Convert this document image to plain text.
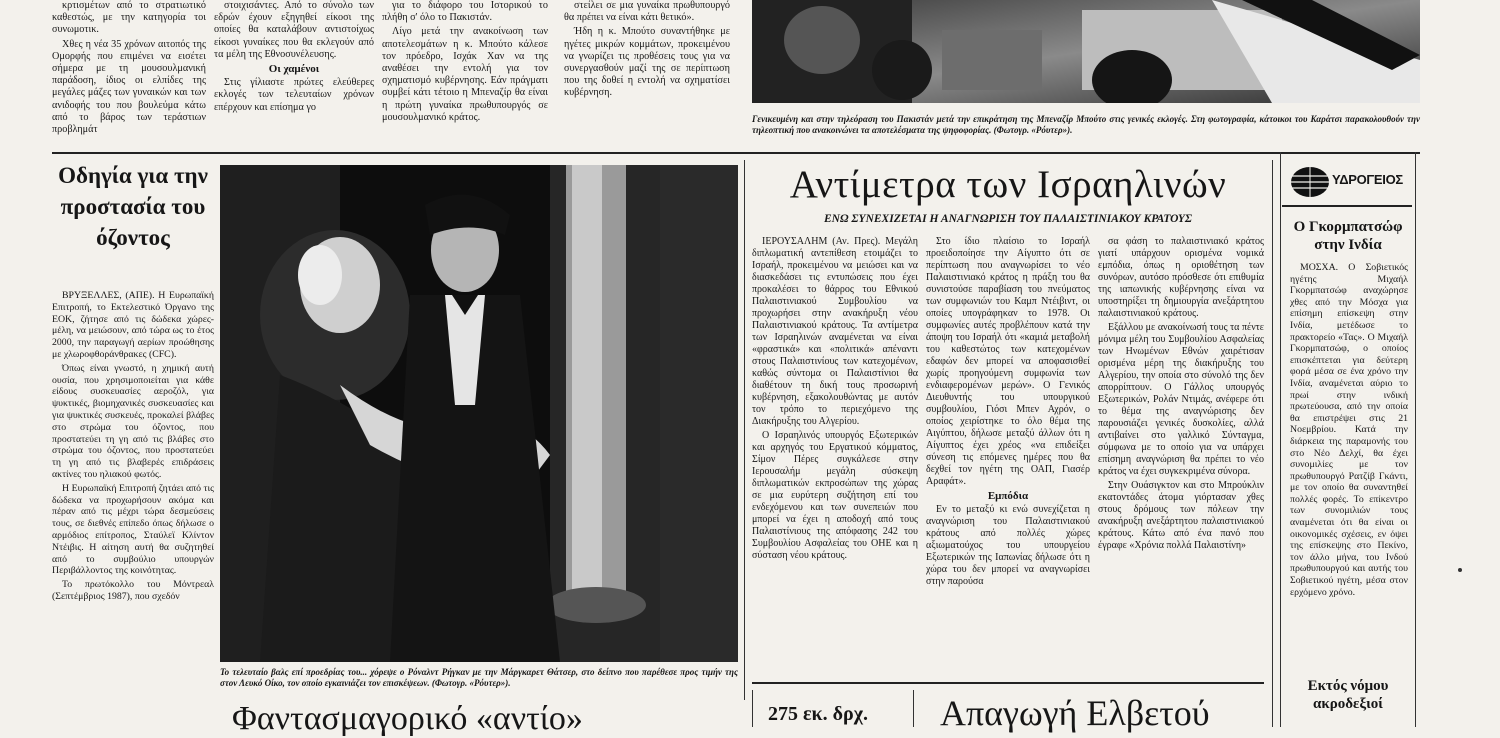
κρτισμέτων από το στρατιωτικό καθεστώς, με την κατηγορία τοι συνωμοτικ.

Χθες η νέα 35 χρόνων αιτοπός της Ομορφής που επιμένει να εισέτει σήμερα με τη μουσουλμανική παράδοση, ίδιος οι ελπίδες της μεγάλες μάζες των γυναικών και των ανιδοφής του που βουλεύμα κάτω από το βάρος των τεράστιων προβλημάτ

στοιχισάντες. Από το σύνολο των εδρών έχουν εξηγηθεί είκοσι της οποίες θα καταλάβουν αντιστοίχως είκοσι γυναίκες που θα εκλεγούν από τα μέλη της Εθνοσυνέλευσης.

Οι χαμένοι

Στις γίλιαστε πρώτες ελεύθερες εκλογές των τελευταίων χρόνων επέρχουν και επίσημα γο

για το διάφορο του Ιστορικού το πλήθη σ' όλο το Πακιστάν.

Λίγο μετά την ανακοίνωση των αποτελεσμάτων η κ. Μπούτο κάλεσε τον πρόεδρο, Ισχάκ Χαν να της αναθέσει την εντολή για τον σχηματισμό κυβέρνησης. Εάν πράγματι συμβεί κάτι τέτοιο η Μπεναζίρ θα είναι η πρώτη γυναίκα πρωθυπουργός σε μουσουλμανικό κράτος.

στείλει σε μια γυναίκα πρωθυπουργό θα πρέπει να είναι κάτι θετικό».

Ήδη η κ. Μπούτο συναντήθηκε με ηγέτες μικρών κομμάτων, προκειμένου να γνωρίζει τις προθέσεις τους για να συνεργασθούν μαζί της σε περίπτωση που της δοθεί η εντολή να σχηματίσει κυβέρνηση.

Γενικευμένη και στην τηλεόραση του Πακιστάν μετά την επικράτηση της Μπεναζίρ Μπούτο στις γενικές εκλογές. Στη φωτογραφία, κάτοικοι του Καράτσι παρακολουθούν την τηλεοπτική που ανακοινώνει τα αποτελέσματα της ψηφοφορίας. (Φωτογρ. «Ρόυτερ»).
Οδηγία για την προστασία του όζοντος

ΒΡΥΞΕΛΛΕΣ, (ΑΠΕ). Η Ευρωπαϊκή Επιτροπή, το Εκτελεστικό Όργανο της ΕΟΚ, ζήτησε από τις δώδεκα χώρες-μέλη, να μειώσουν, από τώρα ως το έτος 2000, την παραγωγή αερίων προώθησης με χλωροφθοράνθρακες (CFC).

Όπως είναι γνωστό, η χημική αυτή ουσία, που χρησιμοποιείται για κάθε είδους συσκευασίες αεροζόλ, για ψυκτικές, βιομηχανικές συσκευασίες και για ψυκτικές συσκευές, προκαλεί βλάβες στο στρώμα του όζοντος, που προστατεύει τη γη από τις βλάβες στο στρώμα του όζοντος, που προστατεύει τη γη από τις βλαβερές επιδράσεις ακτίνες του ηλιακού φωτός.

Η Ευρωπαϊκή Επιτροπή ζητάει από τις δώδεκα να προχωρήσουν ακόμα και πέραν από τις μέχρι τώρα δεσμεύσεις τους, σε διεθνές επίπεδο όπως δήλωσε ο αρμόδιος επίτροπος, Σταύλεϊ Κλίντον Ντέιβις. Η αίτηση αυτή θα συζητηθεί από το συμβούλιο υπουργών Περιβάλλοντος της κοινότητας.

Το πρωτόκολλο του Μόντρεαλ (Σεπτέμβριος 1987), που σχεδόν

Το τελευταίο βαλς επί προεδρίας του... χόρεψε ο Ρόναλντ Ρήγκαν με την Μάργκαρετ Θάτσερ, στο δείπνο που παρέθεσε προς τιμήν της στον Λευκό Οίκο, τον οποίο εγκαινιάζει τον επισκέψεων. (Φωτογρ. «Ρόυτερ»).
Αντίμετρα των Ισραηλινών
ΕΝΩ ΣΥΝΕΧΙΖΕΤΑΙ Η ΑΝΑΓΝΩΡΙΣΗ ΤΟΥ ΠΑΛΑΙΣΤΙΝΙΑΚΟΥ ΚΡΑΤΟΥΣ

ΙΕΡΟΥΣΑΛΗΜ (Αν. Πρες). Μεγάλη διπλωματική αντεπίθεση ετοιμάζει το Ισραήλ, προκειμένου να μειώσει και να διασκεδάσει τις εντυπώσεις που έχει προκαλέσει το θάρρος του Εθνικού Παλαιστινιακού Συμβουλίου να προχωρήσει στην ανακήρυξη νέου Παλαιστινιακού κράτους. Τα αντίμετρα των Ισραηλινών αναμένεται να είναι «φραστικά» και «πολιτικά» απέναντι στους Παλαιστινίους των κατεχομένων, καθώς σύντομα οι Παλαιστίνιοι θα διαθέτουν τη δική τους προσωρινή κυβέρνηση, εξακολουθώντας με αυτόν τον τρόπο το περιεχόμενο της Διακήρυξης του Αλγερίου.

Ο Ισραηλινός υπουργός Εξωτερικών και αρχηγός του Εργατικού κόμματος, Σίμον Πέρες συγκάλεσε στην Ιερουσαλήμ μεγάλη σύσκεψη διπλωματικών εκπροσώπων της χώρας σε μια ευρύτερη συζήτηση επί του ενδεχόμενου και των συνεπειών που μπορεί να έχει η αποδοχή από τους Παλαιστίνιους της απόφασης 242 του Συμβουλίου Ασφαλείας του ΟΗΕ και η σύσταση νέου κράτους.

Στο ίδιο πλαίσιο το Ισραήλ προειδοποίησε την Αίγυπτο ότι σε περίπτωση που αναγνωρίσει το νέο Παλαιστινιακό κράτος η πράξη του θα συνιστούσε παραβίαση του πνεύματος των συμφωνιών του Καμπ Ντέιβιντ, οι οποίες υπογράφηκαν το 1978. Οι συμφωνίες αυτές προβλέπουν κατά την άποψη του Ισραήλ ότι «καμιά μεταβολή του καθεστώτος των κατεχομένων εδαφών δεν μπορεί να αποφασισθεί χωρίς προηγούμενη συμφωνία των ενδιαφερομένων μερών». Ο Γενικός Διευθυντής του υπουργικού συμβουλίου, Γιόσι Μπεν Αχρόν, ο οποίος χειρίστηκε το όλο θέμα της Αιγύπτου, δήλωσε μεταξύ άλλων ότι η Αίγυπτος έχει χρέος «να επιδείξει σύνεση τις επόμενες ημέρες που θα δεχθεί τον ηγέτη της ΟΑΠ, Γιασέρ Αραφάτ».

Εμπόδια

Εν το μεταξύ κι ενώ συνεχίζεται η αναγνώριση του Παλαιστινιακού κράτους από πολλές χώρες αξιωματούχος του υπουργείου Εξωτερικών της Ιαπωνίας δήλωσε ότι η χώρα του δεν μπορεί να αναγνωρίσει στην παρούσα

σα φάση το παλαιστινιακό κράτος γιατί υπάρχουν ορισμένα νομικά εμπόδια, όπως η οριοθέτηση των συνόρων, αυτόσο πρόσθεσε ότι επιθυμία της ιαπωνικής κυβέρνησης είναι να υποστηρίξει τη δημιουργία ανεξάρτητου παλαιστινιακού κράτους.

Εξάλλου με ανακοίνωσή τους τα πέντε μόνιμα μέλη του Συμβουλίου Ασφαλείας των Ηνωμένων Εθνών χαιρέτισαν ορισμένα μέρη της διακήρυξης του Αλγερίου, την οποία στο σύνολό της δεν απορρίπτουν. Ο Γάλλος υπουργός Εξωτερικών, Ρολάν Ντιμάς, ανέφερε ότι το θέμα της αναγνώρισης δεν παρουσιάζει γενικές δυσκολίες, αλλά αντιβαίνει στο γαλλικό Σύνταγμα, σύμφωνα με το οποίο για να υπάρχει επίσημη αναγνώριση θα πρέπει το νέο κράτος να έχει συγκεκριμένα σύνορα.

Στην Ουάσιγκτον και στο Μπρούκλιν εκατοντάδες άτομα γιόρτασαν χθες στους δρόμους των πόλεων την ανακήρυξη ανεξάρτητου παλαιστινιακού κράτους. Κάτω από ένα πανό που έγραφε «Χρόνια πολλά Παλαιστίνη»

ΥΔΡΟΓΕΙΟΣ
Ο Γκορμπατσώφ στην Ινδία

ΜΟΣΧΑ. Ο Σοβιετικός ηγέτης Μιχαήλ Γκορμπατσώφ αναχώρησε χθες από την Μόσχα για επίσημη επίσκεψη στην Ινδία, μετέδωσε το πρακτορείο «Τας». Ο Μιχαήλ Γκορμπατσώφ, ο οποίος επισκέπτεται για δεύτερη φορά μέσα σε ένα χρόνο την Ινδία, αναμένεται αύριο το πρωί στην ινδική πρωτεύουσα, από την οποία θα επιστρέψει στις 21 Νοεμβρίου. Κατά την διάρκεια της παραμονής του στο Νέο Δελχί, θα έχει συνομιλίες με τον πρωθυπουργό Ρατζίβ Γκάντι, με τον οποίο θα συναντηθεί πολλές φορές. Το επίκεντρο των συνομιλιών τους αναμένεται ότι θα είναι οι οικονομικές σχέσεις, εν όψει της επίσκεψης στο Πεκίνο, τον άλλο μήνα, του Ινδού πρωθυπουργού και αυτής του Σοβιετικού ηγέτη, μέσα στον ερχόμενο χρόνο.

Εκτός νόμου ακροδεξιοί
Φαντασμαγορικό «αντίο»	275 εκ. δρχ.	Απαγωγή Ελβετού
